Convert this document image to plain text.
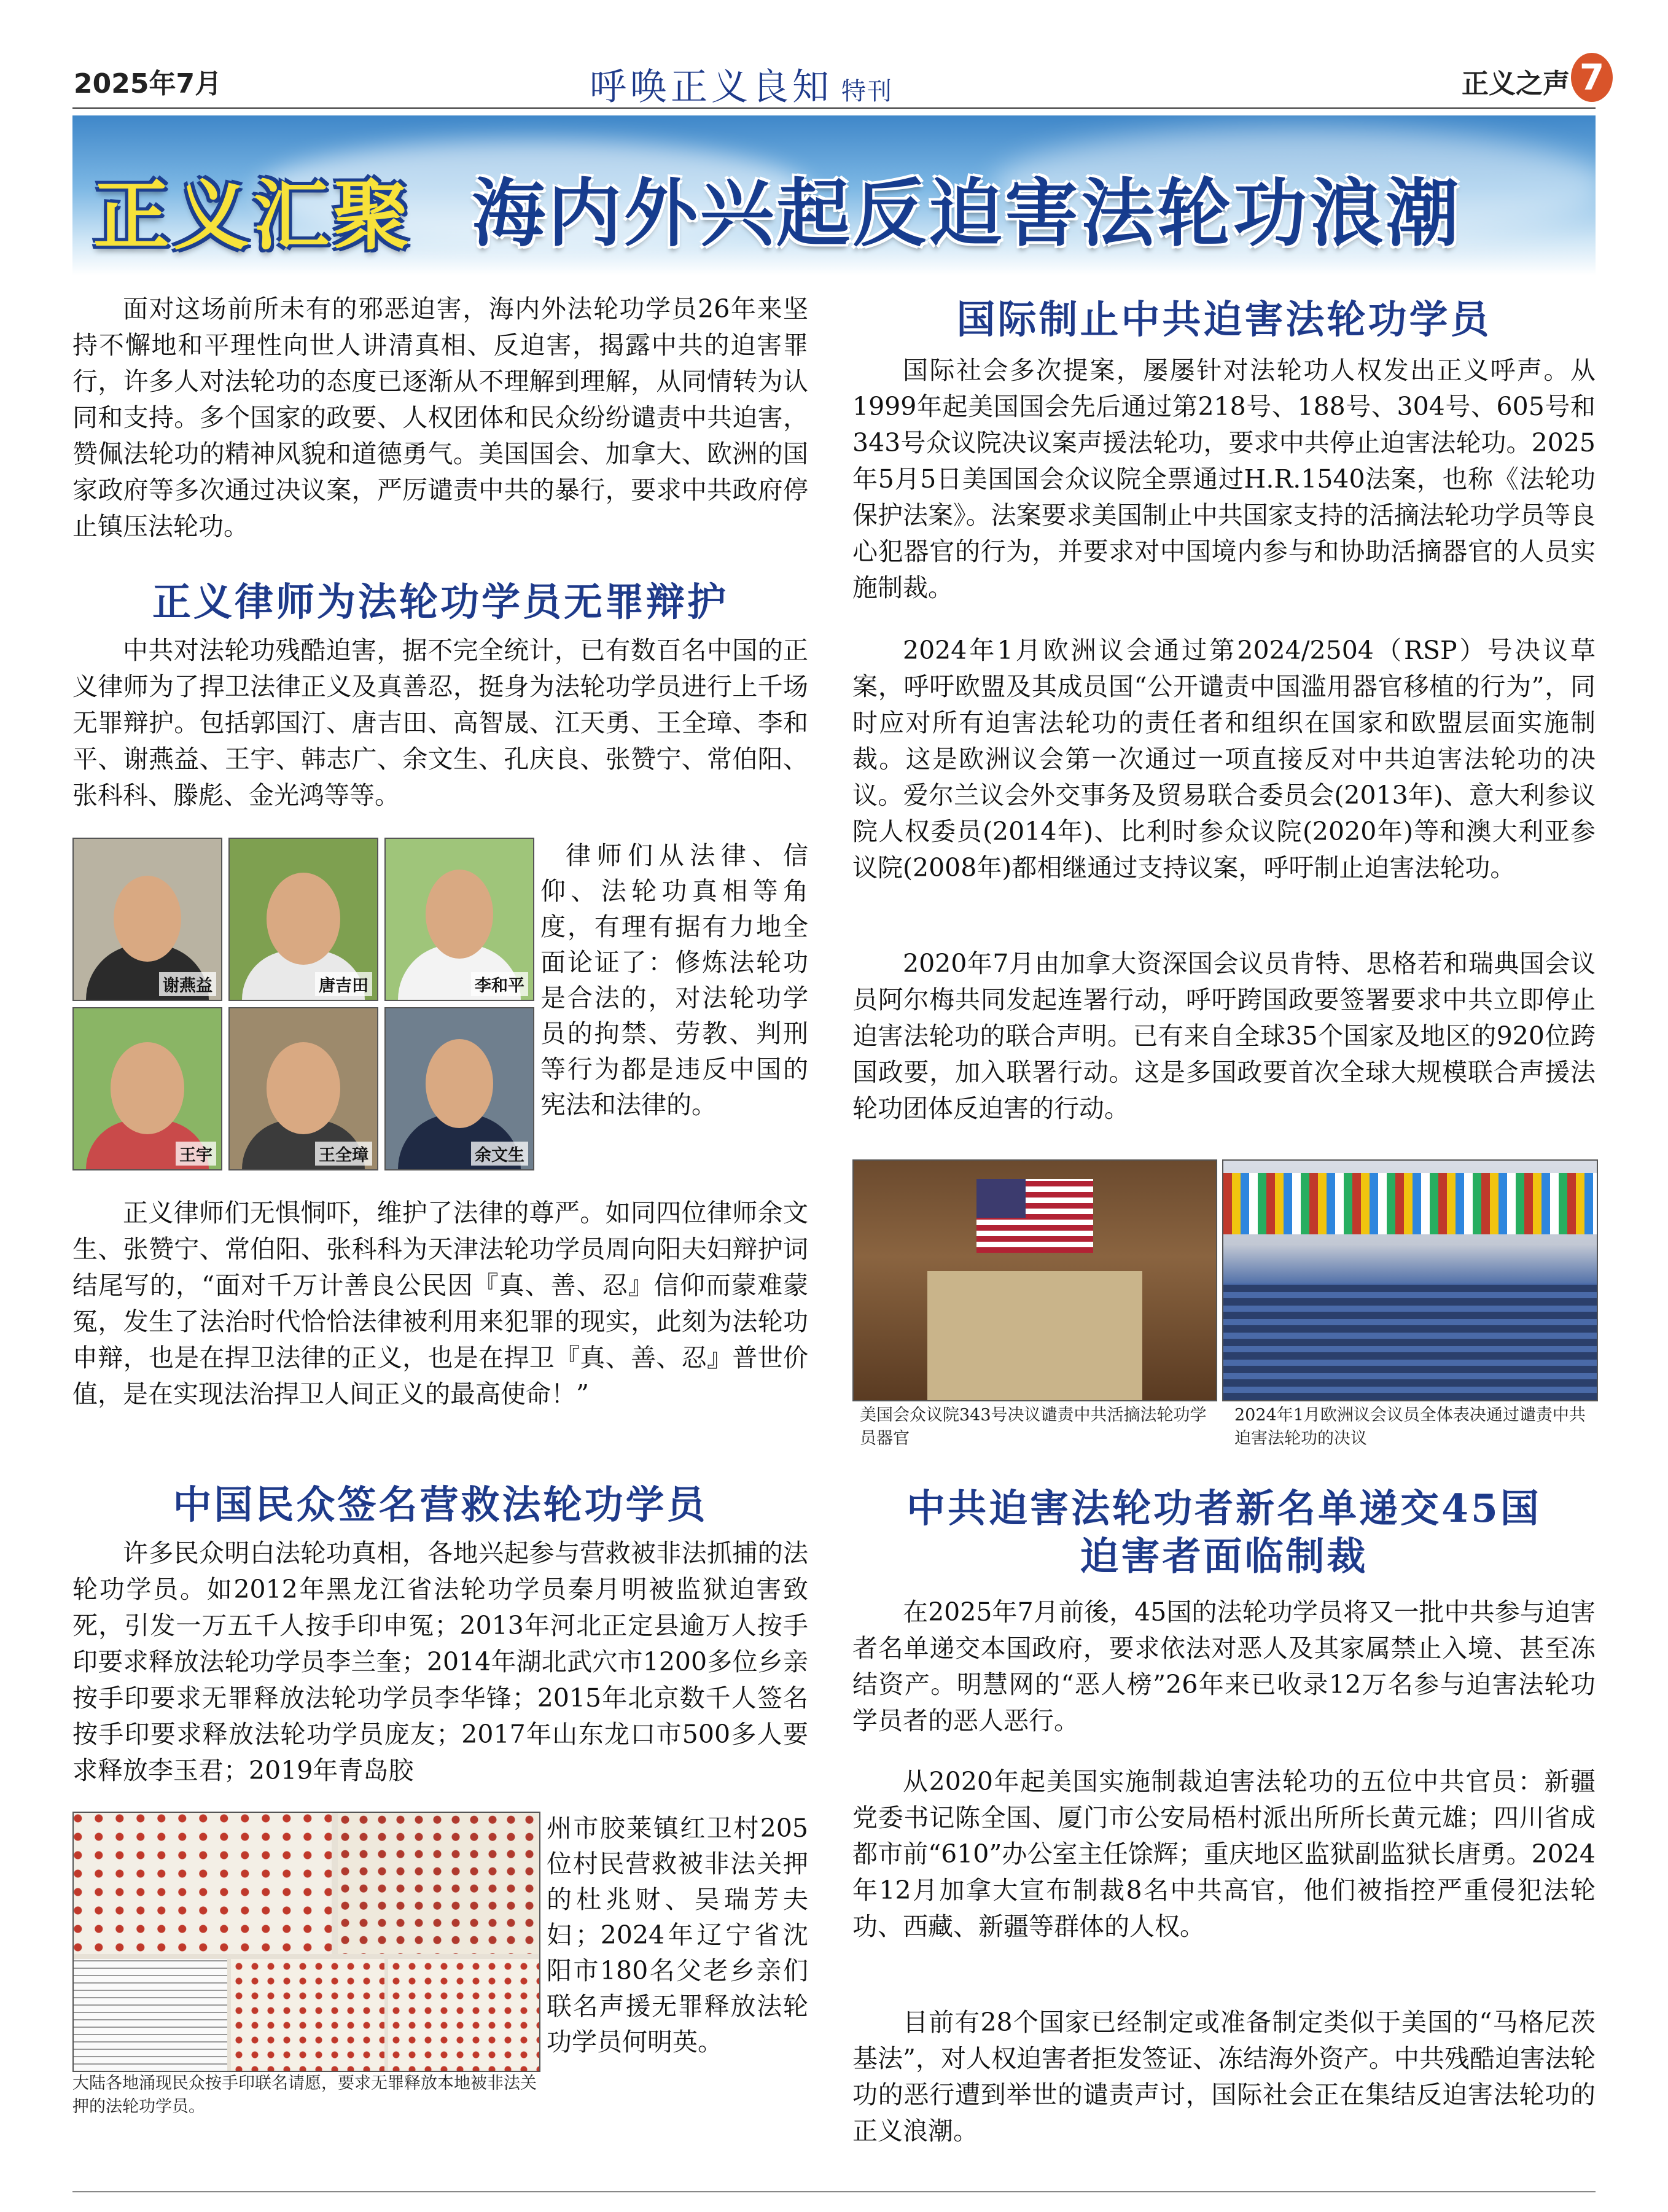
2025年7月	呼唤正义良知 特刊	正义之声 7
正义汇聚 海内外兴起反迫害法轮功浪潮

面对这场前所未有的邪恶迫害，海内外法轮功学员26年来坚持不懈地和平理性向世人讲清真相、反迫害，揭露中共的迫害罪行，许多人对法轮功的态度已逐渐从不理解到理解，从同情转为认同和支持。多个国家的政要、人权团体和民众纷纷谴责中共迫害，赞佩法轮功的精神风貌和道德勇气。美国国会、加拿大、欧洲的国家政府等多次通过决议案，严厉谴责中共的暴行，要求中共政府停止镇压法轮功。

正义律师为法轮功学员无罪辩护

中共对法轮功残酷迫害，据不完全统计，已有数百名中国的正义律师为了捍卫法律正义及真善忍，挺身为法轮功学员进行上千场无罪辩护。包括郭国汀、唐吉田、高智晟、江天勇、王全璋、李和平、谢燕益、王宇、韩志广、余文生、孔庆良、张赞宁、常伯阳、张科科、滕彪、金光鸿等等。

谢燕益	唐吉田	李和平
王宇	王全璋	余文生

律师们从法律、信仰、法轮功真相等角度，有理有据有力地全面论证了：修炼法轮功是合法的，对法轮功学员的拘禁、劳教、判刑等行为都是违反中国的宪法和法律的。

正义律师们无惧恫吓，维护了法律的尊严。如同四位律师余文生、张赞宁、常伯阳、张科科为天津法轮功学员周向阳夫妇辩护词结尾写的，“面对千万计善良公民因『真、善、忍』信仰而蒙难蒙冤，发生了法治时代恰恰法律被利用来犯罪的现实，此刻为法轮功申辩，也是在捍卫法律的正义，也是在捍卫『真、善、忍』普世价值，是在实现法治捍卫人间正义的最高使命！”

中国民众签名营救法轮功学员

许多民众明白法轮功真相，各地兴起参与营救被非法抓捕的法轮功学员。如2012年黑龙江省法轮功学员秦月明被监狱迫害致死，引发一万五千人按手印申冤；2013年河北正定县逾万人按手印要求释放法轮功学员李兰奎；2014年湖北武穴市1200多位乡亲按手印要求无罪释放法轮功学员李华锋；2015年北京数千人签名按手印要求释放法轮功学员庞友；2017年山东龙口市500多人要求释放李玉君；2019年青岛胶

大陆各地涌现民众按手印联名请愿，要求无罪释放本地被非法关押的法轮功学员。

州市胶莱镇红卫村205位村民营救被非法关押的杜兆财、吴瑞芳夫妇；2024年辽宁省沈阳市180名父老乡亲们联名声援无罪释放法轮功学员何明英。

国际制止中共迫害法轮功学员

国际社会多次提案，屡屡针对法轮功人权发出正义呼声。从1999年起美国国会先后通过第218号、188号、304号、605号和343号众议院决议案声援法轮功，要求中共停止迫害法轮功。2025年5月5日美国国会众议院全票通过H.R.1540法案，也称《法轮功保护法案》。法案要求美国制止中共国家支持的活摘法轮功学员等良心犯器官的行为，并要求对中国境内参与和协助活摘器官的人员实施制裁。

2024年1月欧洲议会通过第2024/2504（RSP）号决议草案，呼吁欧盟及其成员国“公开谴责中国滥用器官移植的行为”，同时应对所有迫害法轮功的责任者和组织在国家和欧盟层面实施制裁。这是欧洲议会第一次通过一项直接反对中共迫害法轮功的决议。爱尔兰议会外交事务及贸易联合委员会(2013年)、意大利参议院人权委员(2014年)、比利时参众议院(2020年)等和澳大利亚参议院(2008年)都相继通过支持议案，呼吁制止迫害法轮功。

2020年7月由加拿大资深国会议员肯特、思格若和瑞典国会议员阿尔梅共同发起连署行动，呼吁跨国政要签署要求中共立即停止迫害法轮功的联合声明。已有来自全球35个国家及地区的920位跨国政要，加入联署行动。这是多国政要首次全球大规模联合声援法轮功团体反迫害的行动。

美国会众议院343号决议谴责中共活摘法轮功学员器官
2024年1月欧洲议会议员全体表决通过谴责中共迫害法轮功的决议
中共迫害法轮功者新名单递交45国
迫害者面临制裁

在2025年7月前後，45国的法轮功学员将又一批中共参与迫害者名单递交本国政府，要求依法对恶人及其家属禁止入境、甚至冻结资产。明慧网的“恶人榜”26年来已收录12万名参与迫害法轮功学员者的恶人恶行。

从2020年起美国实施制裁迫害法轮功的五位中共官员：新疆党委书记陈全国、厦门市公安局梧村派出所所长黄元雄；四川省成都市前“610”办公室主任馀辉；重庆地区监狱副监狱长唐勇。2024年12月加拿大宣布制裁8名中共高官，他们被指控严重侵犯法轮功、西藏、新疆等群体的人权。

目前有28个国家已经制定或准备制定类似于美国的“马格尼茨基法”，对人权迫害者拒发签证、冻结海外资产。中共残酷迫害法轮功的恶行遭到举世的谴责声讨，国际社会正在集结反迫害法轮功的正义浪潮。
